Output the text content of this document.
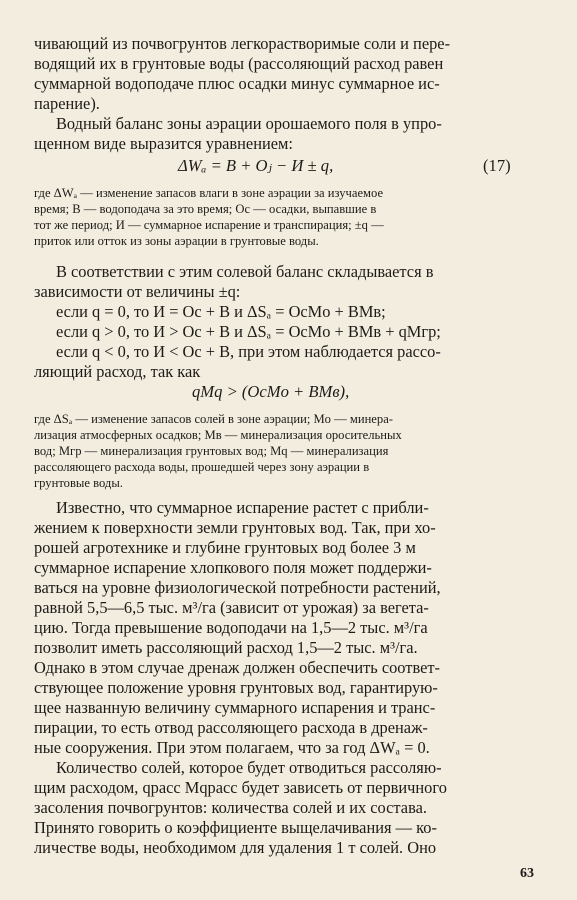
чивающий из почвогрунтов легкорастворимые соли и пере-
водящий их в грунтовые воды (рассоляющий расход равен
суммарной водоподаче плюс осадки минус суммарное ис-
парение).
Водный баланс зоны аэрации орошаемого поля в упро-
щенном виде выразится уравнением:
ΔWₐ = B + Oⱼ − И ± q,	(17)
где ΔWₐ — изменение запасов влаги в зоне аэрации за изучаемое
время; B — водоподача за это время; Oc — осадки, выпавшие в
тот же период; И — суммарное испарение и транспирация; ±q —
приток или отток из зоны аэрации в грунтовые воды.
В соответствии с этим солевой баланс складывается в
зависимости от величины ±q:
если q = 0, то И = Oc + B и ΔSₐ = OcMo + BMв;
если q > 0, то И > Oc + B и ΔSₐ = OcMo + BMв + qMгр;
если q < 0, то И < Oc + B, при этом наблюдается рассо-
ляющий расход, так как
qMq > (OcMo + BMв),
где ΔSₐ — изменение запасов солей в зоне аэрации; Mo — минера-
лизация атмосферных осадков; Mв — минерализация оросительных
вод; Mгр — минерализация грунтовых вод; Mq — минерализация
рассоляющего расхода воды, прошедшей через зону аэрации в
грунтовые воды.
Известно, что суммарное испарение растет с прибли-
жением к поверхности земли грунтовых вод. Так, при хо-
рошей агротехнике и глубине грунтовых вод более 3 м
суммарное испарение хлопкового поля может поддержи-
ваться на уровне физиологической потребности растений,
равной 5,5—6,5 тыс. м³/га (зависит от урожая) за вегета-
цию. Тогда превышение водоподачи на 1,5—2 тыс. м³/га
позволит иметь рассоляющий расход 1,5—2 тыс. м³/га.
Однако в этом случае дренаж должен обеспечить соответ-
ствующее положение уровня грунтовых вод, гарантирую-
щее названную величину суммарного испарения и транс-
пирации, то есть отвод рассоляющего расхода в дренаж-
ные сооружения. При этом полагаем, что за год ΔWₐ = 0.
Количество солей, которое будет отводиться рассоляю-
щим расходом, qрасс Mqрасс будет зависеть от первичного
засоления почвогрунтов: количества солей и их состава.
Принято говорить о коэффициенте выщелачивания — ко-
личестве воды, необходимом для удаления 1 т солей. Оно
63
